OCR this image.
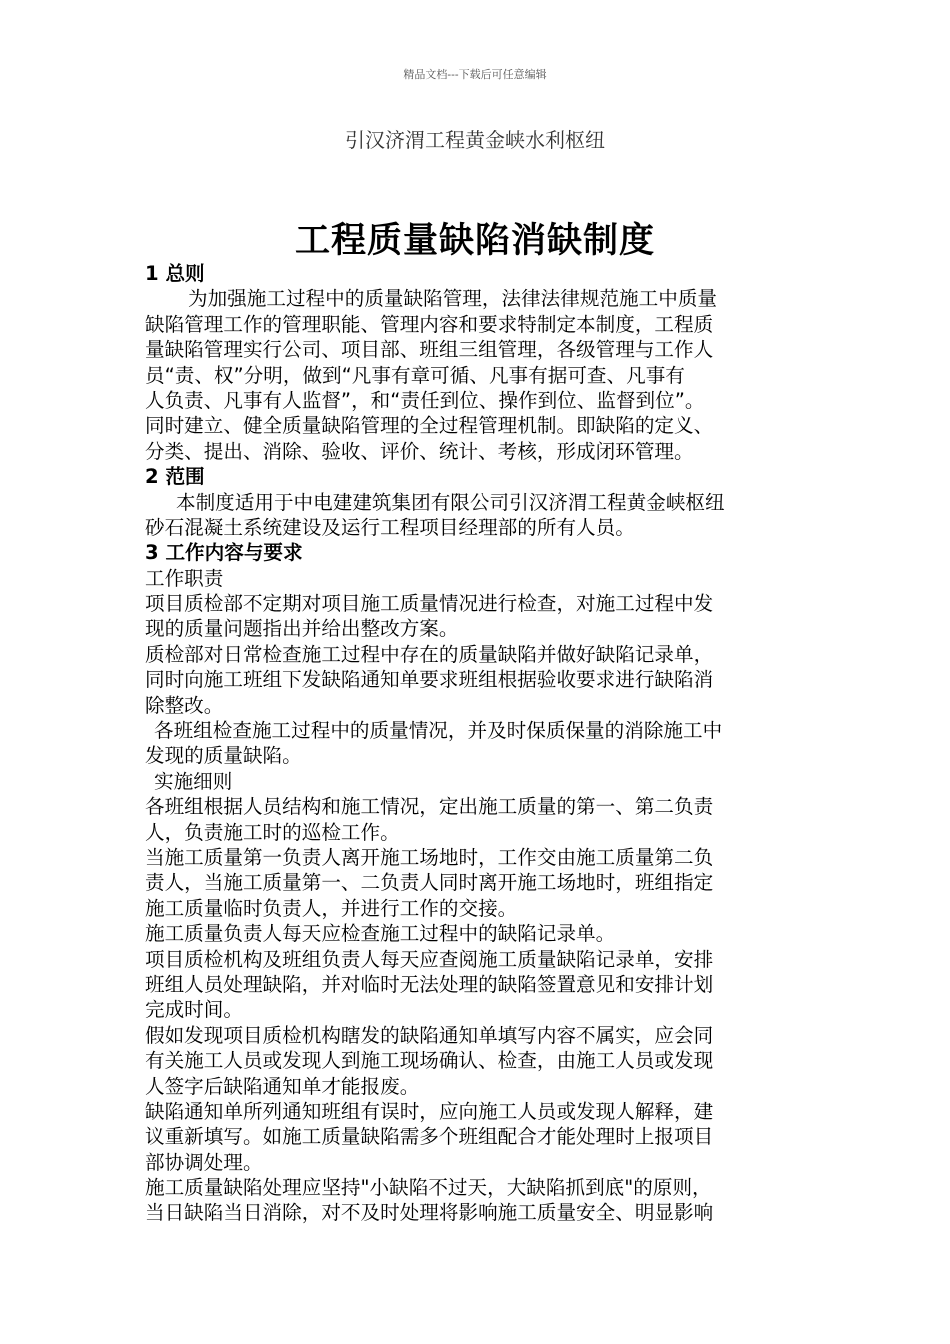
精品文档---下载后可任意编辑
引汉济渭工程黄金峡水利枢纽
工程质量缺陷消缺制度
1 总则
为加强施工过程中的质量缺陷管理，法律法律规范施工中质量
缺陷管理工作的管理职能、管理内容和要求特制定本制度，工程质
量缺陷管理实行公司、项目部、班组三组管理，各级管理与工作人
员“责、权”分明，做到“凡事有章可循、凡事有据可查、凡事有
人负责、凡事有人监督”，和“责任到位、操作到位、监督到位”。
同时建立、健全质量缺陷管理的全过程管理机制。即缺陷的定义、
分类、提出、消除、验收、评价、统计、考核，形成闭环管理。
2 范围
本制度适用于中电建建筑集团有限公司引汉济渭工程黄金峡枢纽
砂石混凝土系统建设及运行工程项目经理部的所有人员。
3 工作内容与要求
工作职责
项目质检部不定期对项目施工质量情况进行检查，对施工过程中发
现的质量问题指出并给出整改方案。
质检部对日常检查施工过程中存在的质量缺陷并做好缺陷记录单，
同时向施工班组下发缺陷通知单要求班组根据验收要求进行缺陷消
除整改。
各班组检查施工过程中的质量情况，并及时保质保量的消除施工中
发现的质量缺陷。
实施细则
各班组根据人员结构和施工情况，定出施工质量的第一、第二负责
人，负责施工时的巡检工作。
当施工质量第一负责人离开施工场地时，工作交由施工质量第二负
责人，当施工质量第一、二负责人同时离开施工场地时，班组指定
施工质量临时负责人，并进行工作的交接。
施工质量负责人每天应检查施工过程中的缺陷记录单。
项目质检机构及班组负责人每天应查阅施工质量缺陷记录单，安排
班组人员处理缺陷，并对临时无法处理的缺陷签置意见和安排计划
完成时间。
假如发现项目质检机构瞎发的缺陷通知单填写内容不属实，应会同
有关施工人员或发现人到施工现场确认、检查，由施工人员或发现
人签字后缺陷通知单才能报废。
缺陷通知单所列通知班组有误时，应向施工人员或发现人解释，建
议重新填写。如施工质量缺陷需多个班组配合才能处理时上报项目
部协调处理。
施工质量缺陷处理应坚持"小缺陷不过天，大缺陷抓到底"的原则，
当日缺陷当日消除，对不及时处理将影响施工质量安全、明显影响
